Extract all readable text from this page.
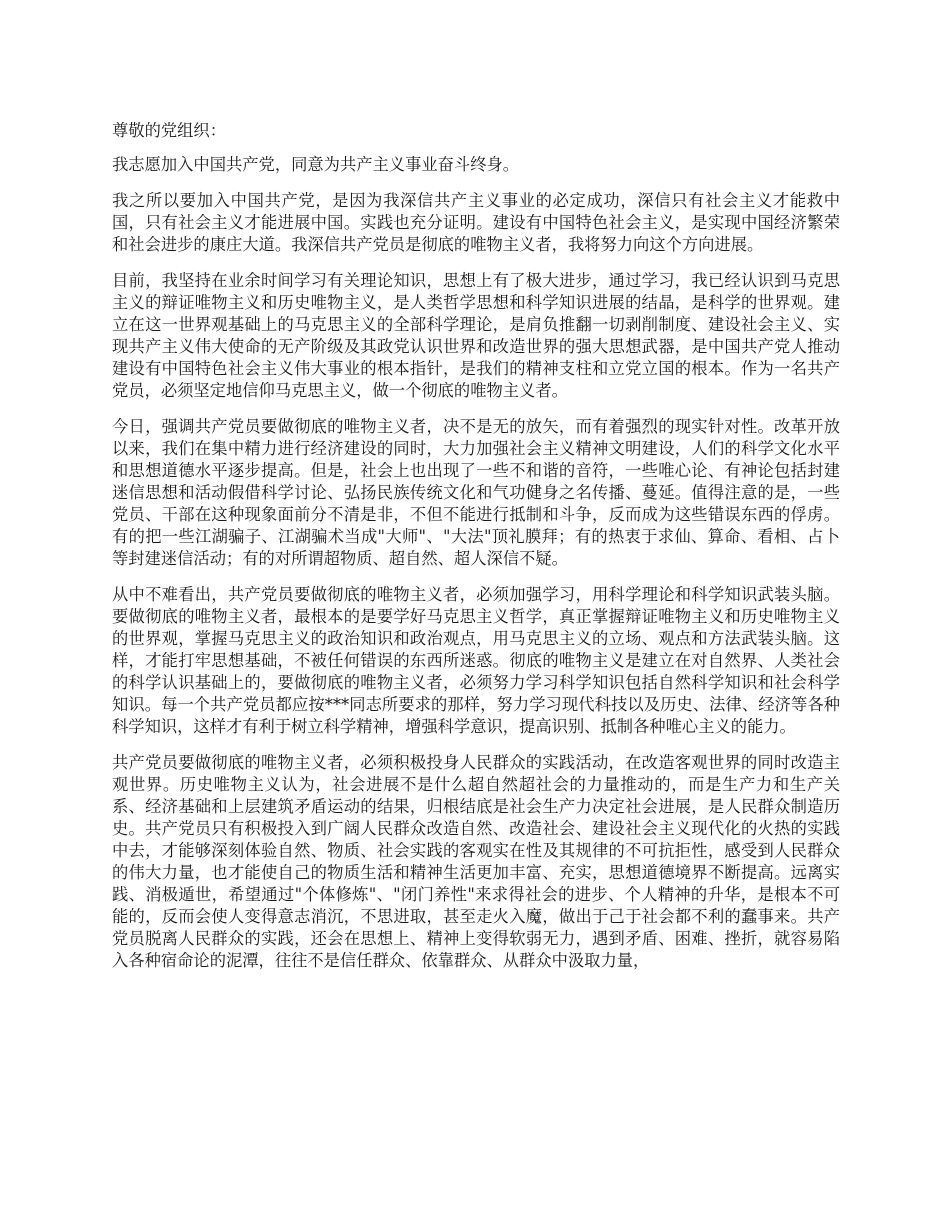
尊敬的党组织：

我志愿加入中国共产党，同意为共产主义事业奋斗终身。

我之所以要加入中国共产党，是因为我深信共产主义事业的必定成功，深信只有社会主义才能救中国，只有社会主义才能进展中国。实践也充分证明。建设有中国特色社会主义，是实现中国经济繁荣和社会进步的康庄大道。我深信共产党员是彻底的唯物主义者，我将努力向这个方向进展。

目前，我坚持在业余时间学习有关理论知识，思想上有了极大进步，通过学习，我已经认识到马克思主义的辩证唯物主义和历史唯物主义，是人类哲学思想和科学知识进展的结晶，是科学的世界观。建立在这一世界观基础上的马克思主义的全部科学理论，是肩负推翻一切剥削制度、建设社会主义、实现共产主义伟大使命的无产阶级及其政党认识世界和改造世界的强大思想武器，是中国共产党人推动建设有中国特色社会主义伟大事业的根本指针，是我们的精神支柱和立党立国的根本。作为一名共产党员，必须坚定地信仰马克思主义，做一个彻底的唯物主义者。

今日，强调共产党员要做彻底的唯物主义者，决不是无的放矢，而有着强烈的现实针对性。改革开放以来，我们在集中精力进行经济建设的同时，大力加强社会主义精神文明建设，人们的科学文化水平和思想道德水平逐步提高。但是，社会上也出现了一些不和谐的音符，一些唯心论、有神论包括封建迷信思想和活动假借科学讨论、弘扬民族传统文化和气功健身之名传播、蔓延。值得注意的是，一些党员、干部在这种现象面前分不清是非，不但不能进行抵制和斗争，反而成为这些错误东西的俘虏。有的把一些江湖骗子、江湖骗术当成"大师"、"大法"顶礼膜拜；有的热衷于求仙、算命、看相、占卜等封建迷信活动；有的对所谓超物质、超自然、超人深信不疑。

从中不难看出，共产党员要做彻底的唯物主义者，必须加强学习，用科学理论和科学知识武装头脑。要做彻底的唯物主义者，最根本的是要学好马克思主义哲学，真正掌握辩证唯物主义和历史唯物主义的世界观，掌握马克思主义的政治知识和政治观点，用马克思主义的立场、观点和方法武装头脑。这样，才能打牢思想基础，不被任何错误的东西所迷惑。彻底的唯物主义是建立在对自然界、人类社会的科学认识基础上的，要做彻底的唯物主义者，必须努力学习科学知识包括自然科学知识和社会科学知识。每一个共产党员都应按***同志所要求的那样，努力学习现代科技以及历史、法律、经济等各种科学知识，这样才有利于树立科学精神，增强科学意识，提高识别、抵制各种唯心主义的能力。

共产党员要做彻底的唯物主义者，必须积极投身人民群众的实践活动，在改造客观世界的同时改造主观世界。历史唯物主义认为，社会进展不是什么超自然超社会的力量推动的，而是生产力和生产关系、经济基础和上层建筑矛盾运动的结果，归根结底是社会生产力决定社会进展，是人民群众制造历史。共产党员只有积极投入到广阔人民群众改造自然、改造社会、建设社会主义现代化的火热的实践中去，才能够深刻体验自然、物质、社会实践的客观实在性及其规律的不可抗拒性，感受到人民群众的伟大力量，也才能使自己的物质生活和精神生活更加丰富、充实，思想道德境界不断提高。远离实践、消极遁世，希望通过"个体修炼"、"闭门养性"来求得社会的进步、个人精神的升华，是根本不可能的，反而会使人变得意志消沉，不思进取，甚至走火入魔，做出于己于社会都不利的蠢事来。共产党员脱离人民群众的实践，还会在思想上、精神上变得软弱无力，遇到矛盾、困难、挫折，就容易陷入各种宿命论的泥潭，往往不是信任群众、依靠群众、从群众中汲取力量，
